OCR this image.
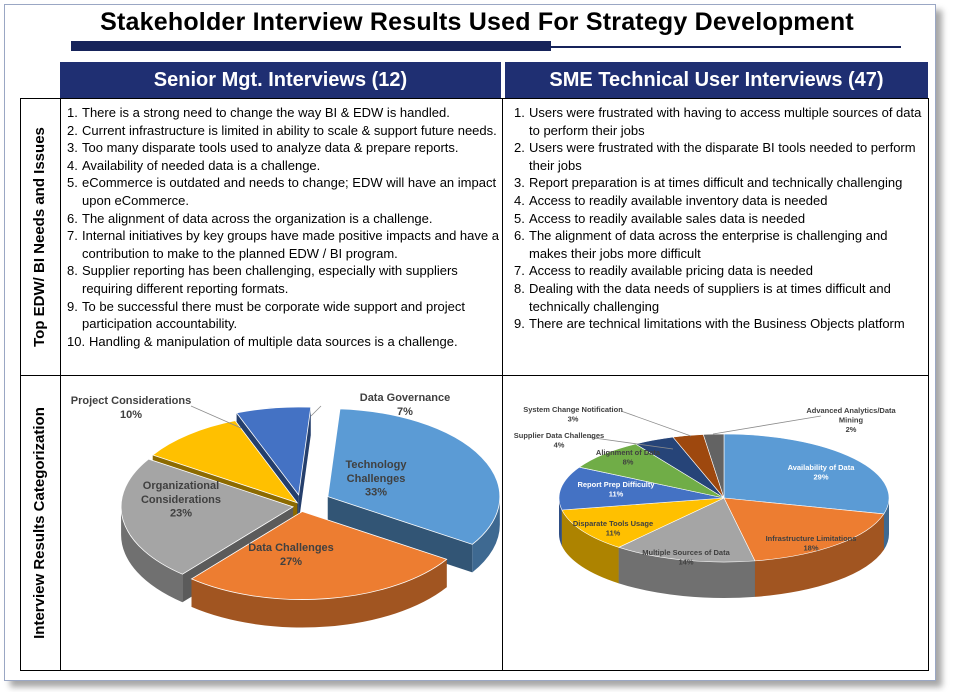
Stakeholder Interview Results Used For Strategy Development
Senior Mgt. Interviews (12)	SME Technical User Interviews (47)
Top EDW/ BI Needs and Issues
Interview Results Categorization
1. There is a strong need to change the way BI & EDW is handled.
2. Current infrastructure is limited in ability to scale & support future needs.
3. Too many disparate tools used to analyze data & prepare reports.
4. Availability of needed data is a challenge.
5. eCommerce is outdated and needs to change; EDW will have an impact upon eCommerce.
6. The alignment of data across the organization is a challenge.
7. Internal initiatives by key groups have made positive impacts and have a contribution to make to the planned EDW / BI program.
8. Supplier reporting has been challenging, especially with suppliers requiring different reporting formats.
9. To be successful there must be corporate wide support and project participation accountability.
10. Handling & manipulation of multiple data sources is a challenge.
1. Users were frustrated with having to access multiple sources of data to perform their jobs
2. Users were frustrated with the disparate BI tools needed to perform their jobs
3. Report preparation is at times difficult and technically challenging
4. Access to readily available inventory data is needed
5. Access to readily available sales data is needed
6. The alignment of data across the enterprise is challenging and makes their jobs more difficult
7. Access to readily available pricing data is needed
8. Dealing with the data needs of suppliers is at times difficult and technically challenging
9. There are technical limitations with the Business Objects platform
Technology Challenges
33%
Data Challenges
27%
Organizational Considerations
23%
Project Considerations
10%
Data Governance
7%
Availability of Data
29%
Infrastructure Limitations
18%
Multiple Sources of Data
14%
Disparate Tools Usage
11%
Report Prep Difficulty
11%
Alignment of Data
8%
Supplier Data Challenges
4%
System Change Notification
3%
Advanced Analytics/Data Mining
2%
